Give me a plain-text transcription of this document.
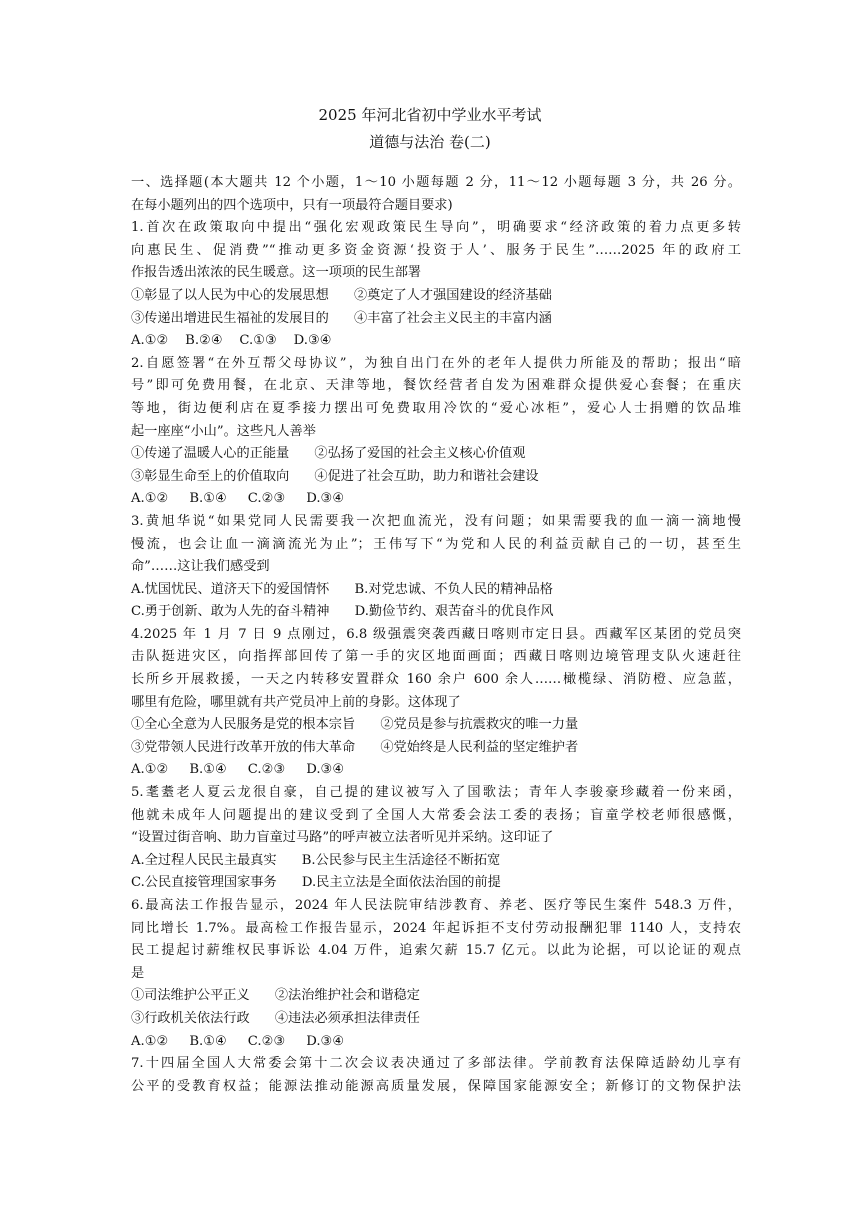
2025 年河北省初中学业水平考试
道德与法治 卷(二)
一、选择题(本大题共 12 个小题，1～10 小题每题 2 分，11～12 小题每题 3 分，共 26 分。
在每小题列出的四个选项中，只有一项最符合题目要求)
1.首次在政策取向中提出“强化宏观政策民生导向”，明确要求“经济政策的着力点更多转
向惠民生、促消费”“推动更多资金资源‘投资于人’、服务于民生”……2025 年的政府工
作报告透出浓浓的民生暖意。这一项项的民生部署
①彰显了以人民为中心的发展思想      ②奠定了人才强国建设的经济基础
③传递出增进民生福祉的发展目的      ④丰富了社会主义民主的丰富内涵
A.①②    B.②④    C.①③    D.③④
2.自愿签署“在外互帮父母协议”，为独自出门在外的老年人提供力所能及的帮助；报出“暗
号”即可免费用餐，在北京、天津等地，餐饮经营者自发为困难群众提供爱心套餐；在重庆
等地，街边便利店在夏季接力摆出可免费取用冷饮的“爱心冰柜”，爱心人士捐赠的饮品堆
起一座座“小山”。这些凡人善举
①传递了温暖人心的正能量      ②弘扬了爱国的社会主义核心价值观
③彰显生命至上的价值取向      ④促进了社会互助，助力和谐社会建设
A.①②     B.①④     C.②③     D.③④
3.黄旭华说“如果党同人民需要我一次把血流光，没有问题；如果需要我的血一滴一滴地慢
慢流，也会让血一滴滴流光为止”；王伟写下“为党和人民的利益贡献自己的一切，甚至生
命”……这让我们感受到
A.忧国忧民、道济天下的爱国情怀      B.对党忠诚、不负人民的精神品格
C.勇于创新、敢为人先的奋斗精神      D.勤俭节约、艰苦奋斗的优良作风
4.2025 年 1 月 7 日 9 点刚过，6.8 级强震突袭西藏日喀则市定日县。西藏军区某团的党员突
击队挺进灾区，向指挥部回传了第一手的灾区地面画面；西藏日喀则边境管理支队火速赶往
长所乡开展救援，一天之内转移安置群众 160 余户 600 余人……橄榄绿、消防橙、应急蓝，
哪里有危险，哪里就有共产党员冲上前的身影。这体现了
①全心全意为人民服务是党的根本宗旨      ②党员是参与抗震救灾的唯一力量
③党带领人民进行改革开放的伟大革命      ④党始终是人民利益的坚定维护者
A.①②     B.①④     C.②③     D.③④
5.耄耋老人夏云龙很自豪，自己提的建议被写入了国歌法；青年人李骏豪珍藏着一份来函，
他就未成年人问题提出的建议受到了全国人大常委会法工委的表扬；盲童学校老师很感慨，
“设置过街音响、助力盲童过马路”的呼声被立法者听见并采纳。这印证了
A.全过程人民民主最真实      B.公民参与民主生活途径不断拓宽
C.公民直接管理国家事务      D.民主立法是全面依法治国的前提
6.最高法工作报告显示，2024 年人民法院审结涉教育、养老、医疗等民生案件 548.3 万件，
同比增长 1.7%。最高检工作报告显示，2024 年起诉拒不支付劳动报酬犯罪 1140 人，支持农
民工提起讨薪维权民事诉讼 4.04 万件，追索欠薪 15.7 亿元。以此为论据，可以论证的观点
是
①司法维护公平正义      ②法治维护社会和谐稳定
③行政机关依法行政      ④违法必须承担法律责任
A.①②     B.①④     C.②③     D.③④
7.十四届全国人大常委会第十二次会议表决通过了多部法律。学前教育法保障适龄幼儿享有
公平的受教育权益；能源法推动能源高质量发展，保障国家能源安全；新修订的文物保护法
